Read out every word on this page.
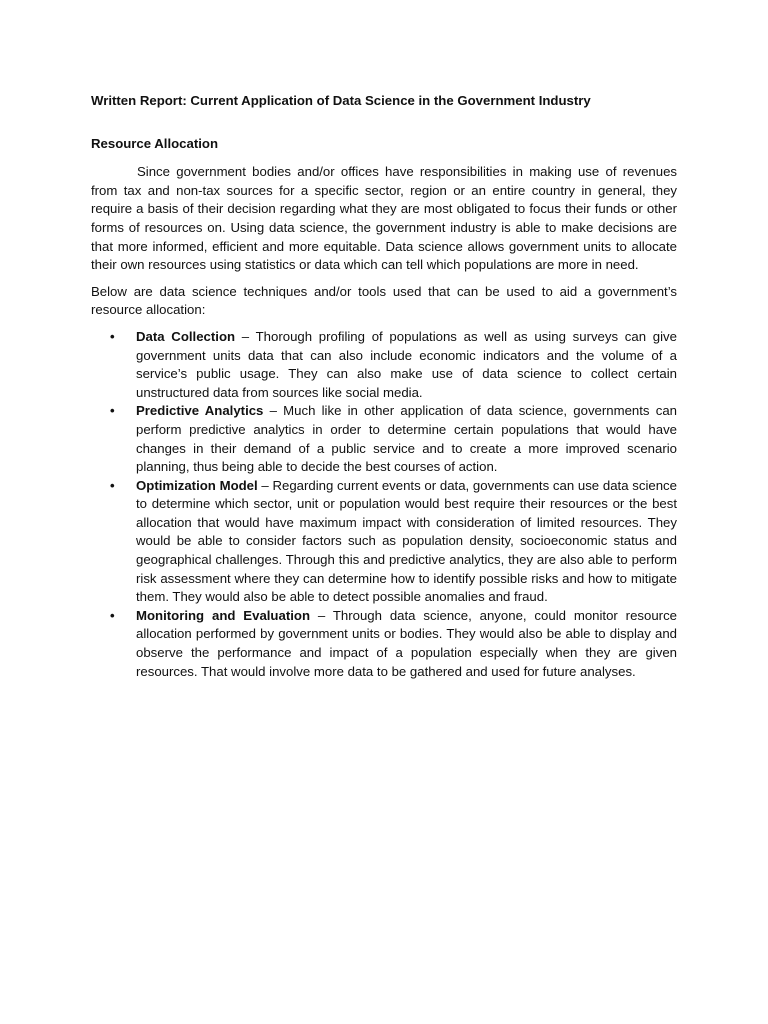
Written Report: Current Application of Data Science in the Government Industry
Resource Allocation

Since government bodies and/or offices have responsibilities in making use of revenues from tax and non-tax sources for a specific sector, region or an entire country in general, they require a basis of their decision regarding what they are most obligated to focus their funds or other forms of resources on. Using data science, the government industry is able to make decisions are that more informed, efficient and more equitable. Data science allows government units to allocate their own resources using statistics or data which can tell which populations are more in need.

Below are data science techniques and/or tools used that can be used to aid a government’s resource allocation:

• Data Collection – Thorough profiling of populations as well as using surveys can give government units data that can also include economic indicators and the volume of a service’s public usage. They can also make use of data science to collect certain unstructured data from sources like social media.
• Predictive Analytics – Much like in other application of data science, governments can perform predictive analytics in order to determine certain populations that would have changes in their demand of a public service and to create a more improved scenario planning, thus being able to decide the best courses of action.
• Optimization Model – Regarding current events or data, governments can use data science to determine which sector, unit or population would best require their resources or the best allocation that would have maximum impact with consideration of limited resources. They would be able to consider factors such as population density, socioeconomic status and geographical challenges. Through this and predictive analytics, they are also able to perform risk assessment where they can determine how to identify possible risks and how to mitigate them. They would also be able to detect possible anomalies and fraud.
• Monitoring and Evaluation – Through data science, anyone, could monitor resource allocation performed by government units or bodies. They would also be able to display and observe the performance and impact of a population especially when they are given resources. That would involve more data to be gathered and used for future analyses.
